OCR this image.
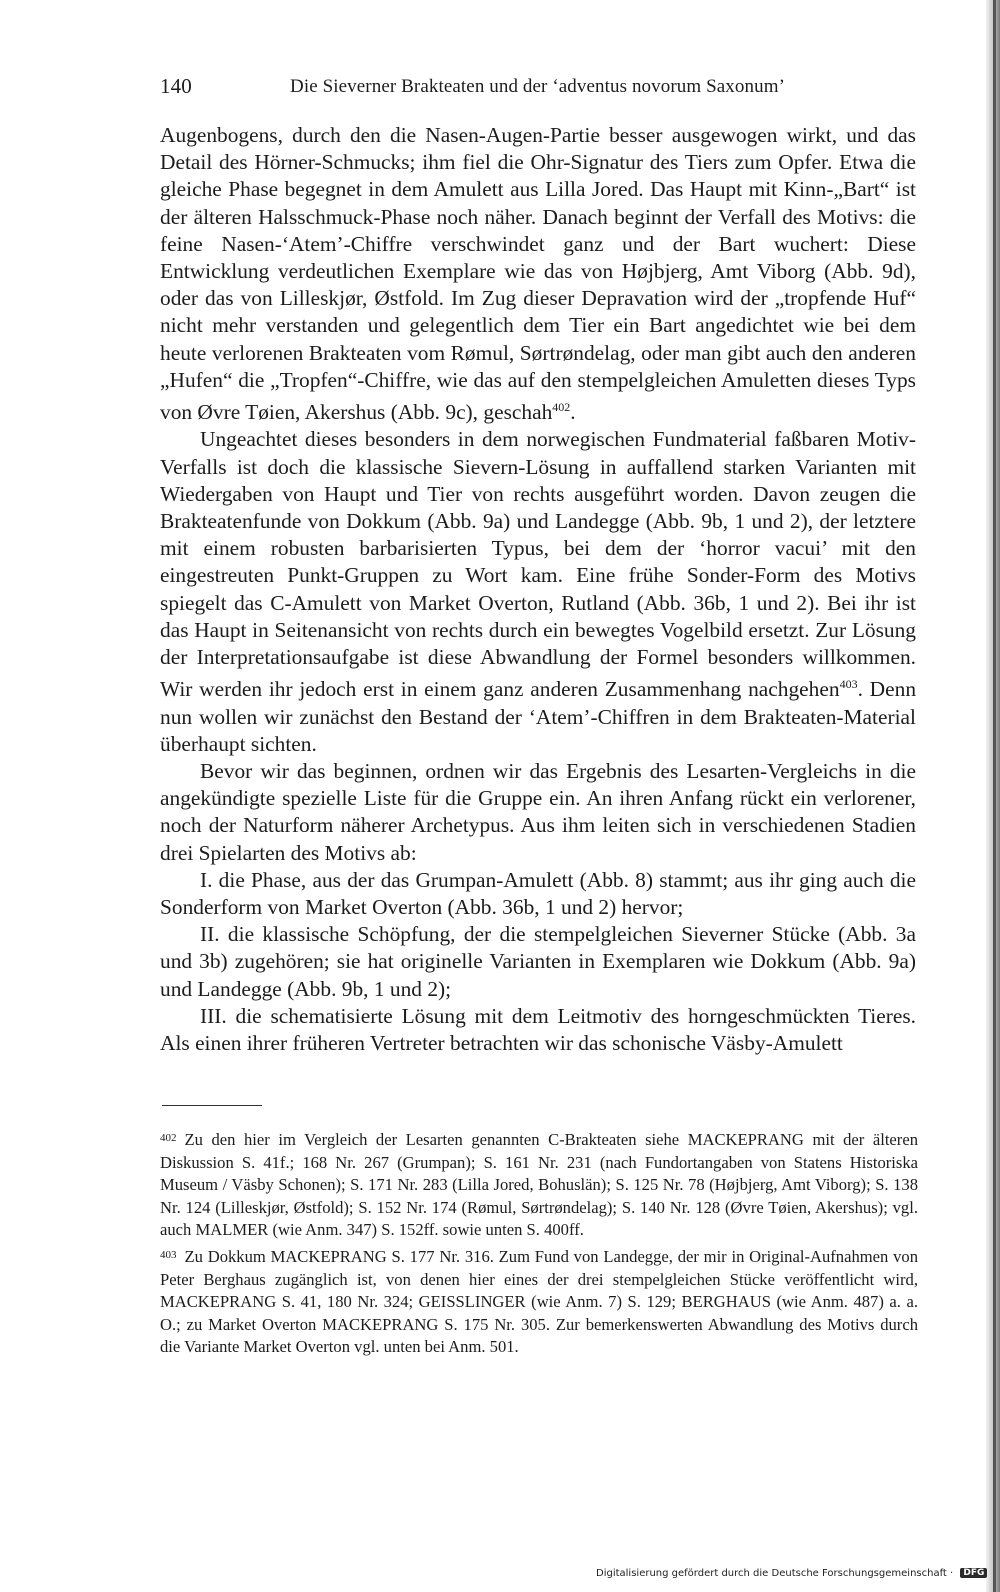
140	Die Sieverner Brakteaten und der ‘adventus novorum Saxonum’

Augenbogens, durch den die Nasen-Augen-Partie besser ausgewogen wirkt, und das Detail des Hörner-Schmucks; ihm fiel die Ohr-Signatur des Tiers zum Opfer. Etwa die gleiche Phase begegnet in dem Amulett aus Lilla Jored. Das Haupt mit Kinn-„Bart“ ist der älteren Halsschmuck-Phase noch näher. Danach beginnt der Verfall des Motivs: die feine Nasen-‘Atem’-Chiffre verschwindet ganz und der Bart wuchert: Diese Entwicklung verdeutlichen Exemplare wie das von Højbjerg, Amt Viborg (Abb. 9d), oder das von Lilleskjør, Østfold. Im Zug dieser Depravation wird der „tropfende Huf“ nicht mehr verstanden und gelegentlich dem Tier ein Bart angedichtet wie bei dem heute verlorenen Brakteaten vom Rømul, Sørtrøndelag, oder man gibt auch den anderen „Hufen“ die „Tropfen“-Chiffre, wie das auf den stempelgleichen Amuletten dieses Typs von Øvre Tøien, Akershus (Abb. 9c), geschah$^{402}$.

Ungeachtet dieses besonders in dem norwegischen Fundmaterial faßbaren Motiv-Verfalls ist doch die klassische Sievern-Lösung in auffallend starken Varianten mit Wiedergaben von Haupt und Tier von rechts ausgeführt worden. Davon zeugen die Brakteatenfunde von Dokkum (Abb. 9a) und Landegge (Abb. 9b, 1 und 2), der letztere mit einem robusten barbarisierten Typus, bei dem der ‘horror vacui’ mit den eingestreuten Punkt-Gruppen zu Wort kam. Eine frühe Sonder-Form des Motivs spiegelt das C-Amulett von Market Overton, Rutland (Abb. 36b, 1 und 2). Bei ihr ist das Haupt in Seitenansicht von rechts durch ein bewegtes Vogelbild ersetzt. Zur Lösung der Interpretationsaufgabe ist diese Abwandlung der Formel besonders willkommen. Wir werden ihr jedoch erst in einem ganz anderen Zusammenhang nachgehen$^{403}$. Denn nun wollen wir zunächst den Bestand der ‘Atem’-Chiffren in dem Brakteaten-Material überhaupt sichten.

Bevor wir das beginnen, ordnen wir das Ergebnis des Lesarten-Vergleichs in die angekündigte spezielle Liste für die Gruppe ein. An ihren Anfang rückt ein verlorener, noch der Naturform näherer Archetypus. Aus ihm leiten sich in verschiedenen Stadien drei Spielarten des Motivs ab:

I. die Phase, aus der das Grumpan-Amulett (Abb. 8) stammt; aus ihr ging auch die Sonderform von Market Overton (Abb. 36b, 1 und 2) hervor;

II. die klassische Schöpfung, der die stempelgleichen Sieverner Stücke (Abb. 3a und 3b) zugehören; sie hat originelle Varianten in Exemplaren wie Dokkum (Abb. 9a) und Landegge (Abb. 9b, 1 und 2);

III. die schematisierte Lösung mit dem Leitmotiv des horngeschmückten Tieres. Als einen ihrer früheren Vertreter betrachten wir das schonische Väsby-Amulett

$^{402}$ Zu den hier im Vergleich der Lesarten genannten C-Brakteaten siehe MACKEPRANG mit der älteren Diskussion S. 41f.; 168 Nr. 267 (Grumpan); S. 161 Nr. 231 (nach Fundortangaben von Statens Historiska Museum / Väsby Schonen); S. 171 Nr. 283 (Lilla Jored, Bohuslän); S. 125 Nr. 78 (Højbjerg, Amt Viborg); S. 138 Nr. 124 (Lilleskjør, Østfold); S. 152 Nr. 174 (Rømul, Sørtrøndelag); S. 140 Nr. 128 (Øvre Tøien, Akershus); vgl. auch MALMER (wie Anm. 347) S. 152ff. sowie unten S. 400ff.

$^{403}$ Zu Dokkum MACKEPRANG S. 177 Nr. 316. Zum Fund von Landegge, der mir in Original-Aufnahmen von Peter Berghaus zugänglich ist, von denen hier eines der drei stempelgleichen Stücke veröffentlicht wird, MACKEPRANG S. 41, 180 Nr. 324; GEISSLINGER (wie Anm. 7) S. 129; BERGHAUS (wie Anm. 487) a. a. O.; zu Market Overton MACKEPRANG S. 175 Nr. 305. Zur bemerkenswerten Abwandlung des Motivs durch die Variante Market Overton vgl. unten bei Anm. 501.

Digitalisierung gefördert durch die Deutsche Forschungsgemeinschaft · DFG
